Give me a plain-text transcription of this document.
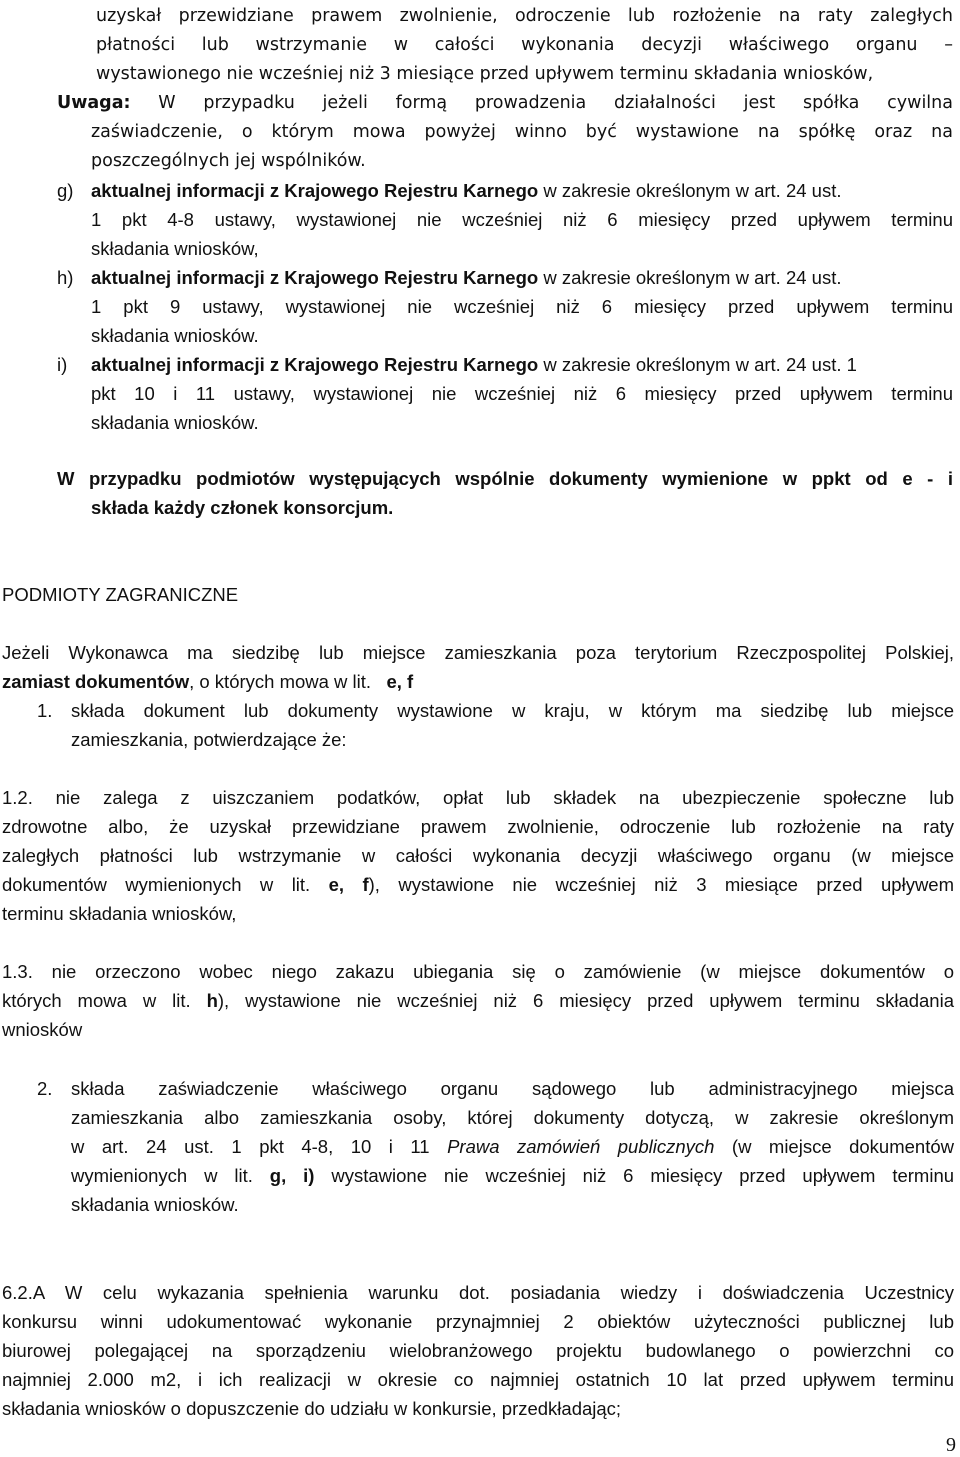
uzyskał przewidziane prawem zwolnienie, odroczenie lub rozłożenie na raty zaległych
płatności lub wstrzymanie w całości wykonania decyzji właściwego organu –
wystawionego nie wcześniej niż 3 miesiące przed upływem terminu składania wniosków,
Uwaga: W przypadku jeżeli formą prowadzenia działalności jest spółka cywilna
zaświadczenie, o którym mowa powyżej winno być wystawione na spółkę oraz na
poszczególnych jej wspólników.
g) aktualnej informacji z Krajowego Rejestru Karnego w zakresie określonym w art. 24 ust.
1 pkt 4-8 ustawy, wystawionej nie wcześniej niż 6 miesięcy przed upływem terminu
składania wniosków,
h) aktualnej informacji z Krajowego Rejestru Karnego w zakresie określonym w art. 24 ust.
1 pkt 9 ustawy, wystawionej nie wcześniej niż 6 miesięcy przed upływem terminu
składania wniosków.
i) aktualnej informacji z Krajowego Rejestru Karnego w zakresie określonym w art. 24 ust. 1
pkt 10 i 11 ustawy, wystawionej nie wcześniej niż 6 miesięcy przed upływem terminu
składania wniosków.
W przypadku podmiotów występujących wspólnie dokumenty wymienione w ppkt od e - i
składa każdy członek konsorcjum.
PODMIOTY ZAGRANICZNE
Jeżeli Wykonawca ma siedzibę lub miejsce zamieszkania poza terytorium Rzeczpospolitej Polskiej,
zamiast dokumentów, o których mowa w lit. e, f
1. składa dokument lub dokumenty wystawione w kraju, w którym ma siedzibę lub miejsce
zamieszkania, potwierdzające że:
1.2. nie zalega z uiszczaniem podatków, opłat lub składek na ubezpieczenie społeczne lub
zdrowotne albo, że uzyskał przewidziane prawem zwolnienie, odroczenie lub rozłożenie na raty
zaległych płatności lub wstrzymanie w całości wykonania decyzji właściwego organu (w miejsce
dokumentów wymienionych w lit. e, f), wystawione nie wcześniej niż 3 miesiące przed upływem
terminu składania wniosków,
1.3. nie orzeczono wobec niego zakazu ubiegania się o zamówienie (w miejsce dokumentów o
których mowa w lit. h), wystawione nie wcześniej niż 6 miesięcy przed upływem terminu składania
wniosków
2. składa zaświadczenie właściwego organu sądowego lub administracyjnego miejsca
zamieszkania albo zamieszkania osoby, której dokumenty dotyczą, w zakresie określonym
w art. 24 ust. 1 pkt 4-8, 10 i 11 Prawa zamówień publicznych (w miejsce dokumentów
wymienionych w lit. g, i) wystawione nie wcześniej niż 6 miesięcy przed upływem terminu
składania wniosków.
6.2.A W celu wykazania spełnienia warunku dot. posiadania wiedzy i doświadczenia Uczestnicy
konkursu winni udokumentować wykonanie przynajmniej 2 obiektów użyteczności publicznej lub
biurowej polegającej na sporządzeniu wielobranżowego projektu budowlanego o powierzchni co
najmniej 2.000 m2, i ich realizacji w okresie co najmniej ostatnich 10 lat przed upływem terminu
składania wniosków o dopuszczenie do udziału w konkursie, przedkładając;
9
